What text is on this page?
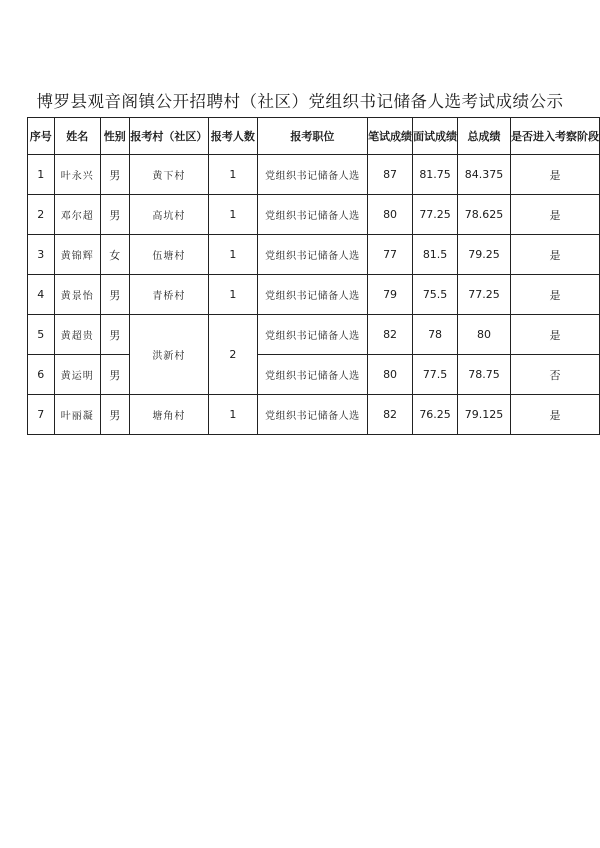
博罗县观音阁镇公开招聘村（社区）党组织书记储备人选考试成绩公示
序号	姓名	性别	报考村（社区）	报考人数	报考职位	笔试成绩	面试成绩	总成绩	是否进入考察阶段
1	叶永兴	男	黄下村	1	党组织书记储备人选	87	81.75	84.375	是
2	邓尔超	男	高坑村	1	党组织书记储备人选	80	77.25	78.625	是
3	黄锦辉	女	伍塘村	1	党组织书记储备人选	77	81.5	79.25	是
4	黄景怡	男	青桥村	1	党组织书记储备人选	79	75.5	77.25	是
5	黄超贵	男	洪新村	2	党组织书记储备人选	82	78	80	是
6	黄运明	男			党组织书记储备人选	80	77.5	78.75	否
7	叶丽凝	男	塘角村	1	党组织书记储备人选	82	76.25	79.125	是
